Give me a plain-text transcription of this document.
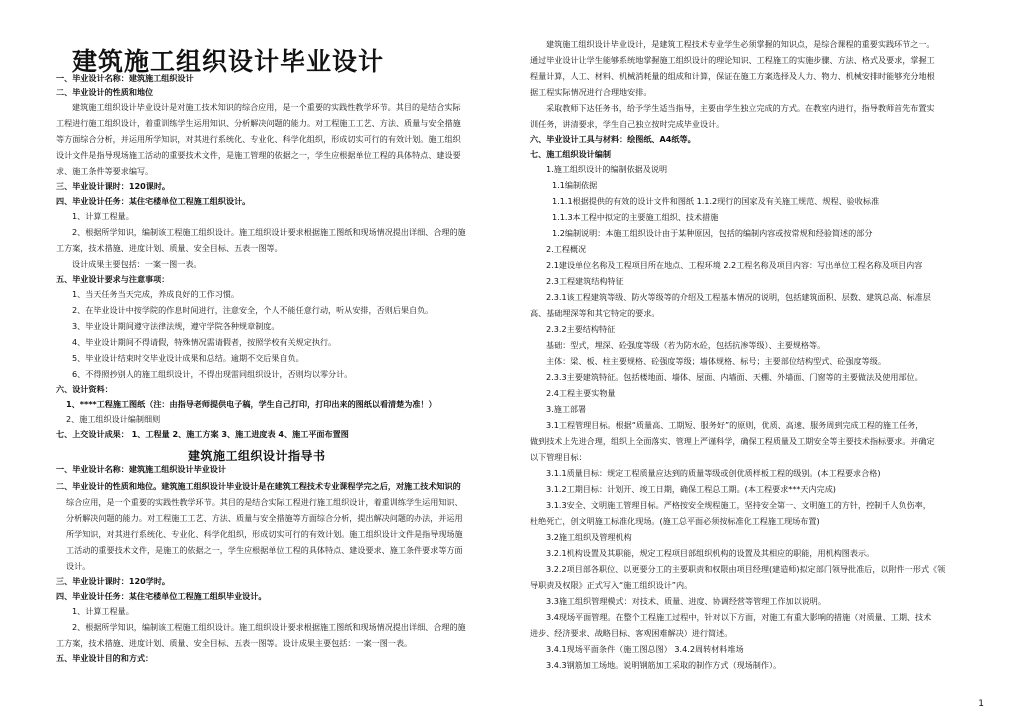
建筑施工组织设计毕业设计
建筑施工组织设计指导书
一、毕业设计名称：建筑施工组织设计
二、毕业设计的性质和地位
建筑施工组织设计毕业设计是对施工技术知识的综合应用，是一个重要的实践性教学环节。其目的是结合实际
工程进行施工组织设计，着重训练学生运用知识、分析解决问题的能力。对工程施工工艺、方法、质量与安全措施
等方面综合分析，并运用所学知识，对其进行系统化、专业化、科学化组织，形成切实可行的有效计划。施工组织
设计文件是指导现场施工活动的重要技术文件，是施工管理的依据之一，学生应根据单位工程的具体特点、建设要
求、施工条件等要求编写。
三、毕业设计课时：120课时。
四、毕业设计任务：某住宅楼单位工程施工组织设计。
1、计算工程量。
2、根据所学知识，编制该工程施工组织设计。施工组织设计要求根据施工图纸和现场情况提出详细、合理的施
工方案，技术措施、进度计划、质量、安全目标、五表一图等。
设计成果主要包括：一案一图一表。
五、毕业设计要求与注意事项：
1、当天任务当天完成，养成良好的工作习惯。
2、在毕业设计中按学院的作息时间进行，注意安全，个人不能任意行动，听从安排，否则后果自负。
3、毕业设计期间遵守法律法规，遵守学院各种规章制度。
4、毕业设计期间不得请假，特殊情况需请假者，按照学校有关规定执行。
5、毕业设计结束时交毕业设计成果和总结。逾期不交后果自负。
6、不得照抄别人的施工组织设计，不得出现雷同组织设计，否则均以零分计。
六、设计资料：
1、****工程施工图纸（注：由指导老师提供电子稿，学生自己打印，打印出来的图纸以看清楚为准！）
2、施工组织设计编制细则
七、上交设计成果： 1、工程量 2、施工方案 3、施工进度表 4、施工平面布置图
一、毕业设计名称：建筑施工组织设计毕业设计
二、毕业设计的性质和地位。建筑施工组织设计毕业设计是在建筑工程技术专业课程学完之后，对施工技术知识的
综合应用，是一个重要的实践性教学环节。其目的是结合实际工程进行施工组织设计，着重训练学生运用知识、
分析解决问题的能力。对工程施工工艺、方法、质量与安全措施等方面综合分析，提出解决问题的办法，并运用
所学知识，对其进行系统化、专业化、科学化组织，形成切实可行的有效计划。施工组织设计文件是指导现场施
工活动的重要技术文件，是施工的依据之一，学生应根据单位工程的具体特点、建设要求、施工条件要求等方面
设计。
三、毕业设计课时：120学时。
四、毕业设计任务：某住宅楼单位工程施工组织毕业设计。
1、计算工程量。
2、根据所学知识，编制该工程施工组织设计。施工组织设计要求根据施工图纸和现场情况提出详细、合理的施
工方案，技术措施、进度计划、质量、安全目标、五表一图等。设计成果主要包括：一案一图一表。
五、毕业设计目的和方式：
建筑施工组织设计毕业设计，是建筑工程技术专业学生必须掌握的知识点，是综合课程的重要实践环节之一。
通过毕业设计让学生能够系统地掌握施工组织设计的理论知识、工程施工的实施步骤、方法、格式及要求，掌握工
程量计算，人工、材料、机械消耗量的组成和计算，保证在施工方案选择及人力、物力、机械安排时能够充分地根
据工程实际情况进行合理地安排。
采取教师下达任务书，给予学生适当指导，主要由学生独立完成的方式。在教室内进行，指导教师首先布置实
训任务，讲清要求，学生自己独立按时完成毕业设计。
六、毕业设计工具与材料：绘图纸、A4纸等。
七、施工组织设计编制
1.施工组织设计的编制依据及说明
1.1编制依据
1.1.1根据提供的有效的设计文件和图纸 1.1.2现行的国家及有关施工规范、规程、验收标准
1.1.3本工程中拟定的主要施工组织、技术措施
1.2编制说明：本施工组织设计由于某种原因，包括的编制内容或按常规和经验简述的部分
2.工程概况
2.1建设单位名称及工程项目所在地点、工程环境 2.2工程名称及项目内容：写出单位工程名称及项目内容
2.3工程建筑结构特征
2.3.1该工程建筑等级、防火等级等的介绍及工程基本情况的说明，包括建筑面积、层数、建筑总高、标准层
高、基础埋深等和其它特定的要求。
2.3.2主要结构特征
基础：型式，埋深、砼强度等级（若为防水砼，包括抗渗等级）、主要规格等。
主体：梁、板、柱主要规格、砼强度等级；墙体规格、标号；主要部位结构型式、砼强度等级。
2.3.3主要建筑特征。包括楼地面、墙体、屋面、内墙面、天棚、外墙面、门窗等的主要做法及使用部位。
2.4工程主要实物量
3.施工部署
3.1工程管理目标。根据“质量高、工期短、服务好”的原则，优质、高速、服务周到完成工程的施工任务，
做到技术上先进合理，组织上全面落实、管理上严谨科学，确保工程质量及工期安全等主要技术指标要求。并确定
以下管理目标：
3.1.1质量目标：规定工程质量应达到的质量等级或创优质样板工程的级别。(本工程要求合格)
3.1.2工期目标：计划开、竣工日期，确保工程总工期。(本工程要求***天内完成)
3.1.3安全、文明施工管理目标。严格按安全规程施工，坚持安全第一、文明施工的方针，控制千人负伤率，
杜绝死亡，创文明施工标准化现场。(施工总平面必须按标准化工程施工现场布置)
3.2施工组织及管理机构
3.2.1机构设置及其职能，规定工程项目部组织机构的设置及其相应的职能，用机构图表示。
3.2.2项目部各职位、以更要分工的主要职责和权限由项目经理(建造师)拟定部门领导批准后，以附件一形式《领
导职责及权限》正式写入“施工组织设计”内。
3.3施工组织管理模式：对技术、质量、进度、协调经营等管理工作加以说明。
3.4现场平面管理。在整个工程施工过程中，针对以下方面，对施工有重大影响的措施（对质量、工期、技术
进步、经济要求、战略目标、客观困难解决）进行简述。
3.4.1现场平面条件（施工图总图） 3.4.2周转材料堆场
3.4.3钢筋加工场地。说明钢筋加工采取的制作方式（现场制作）。
1
